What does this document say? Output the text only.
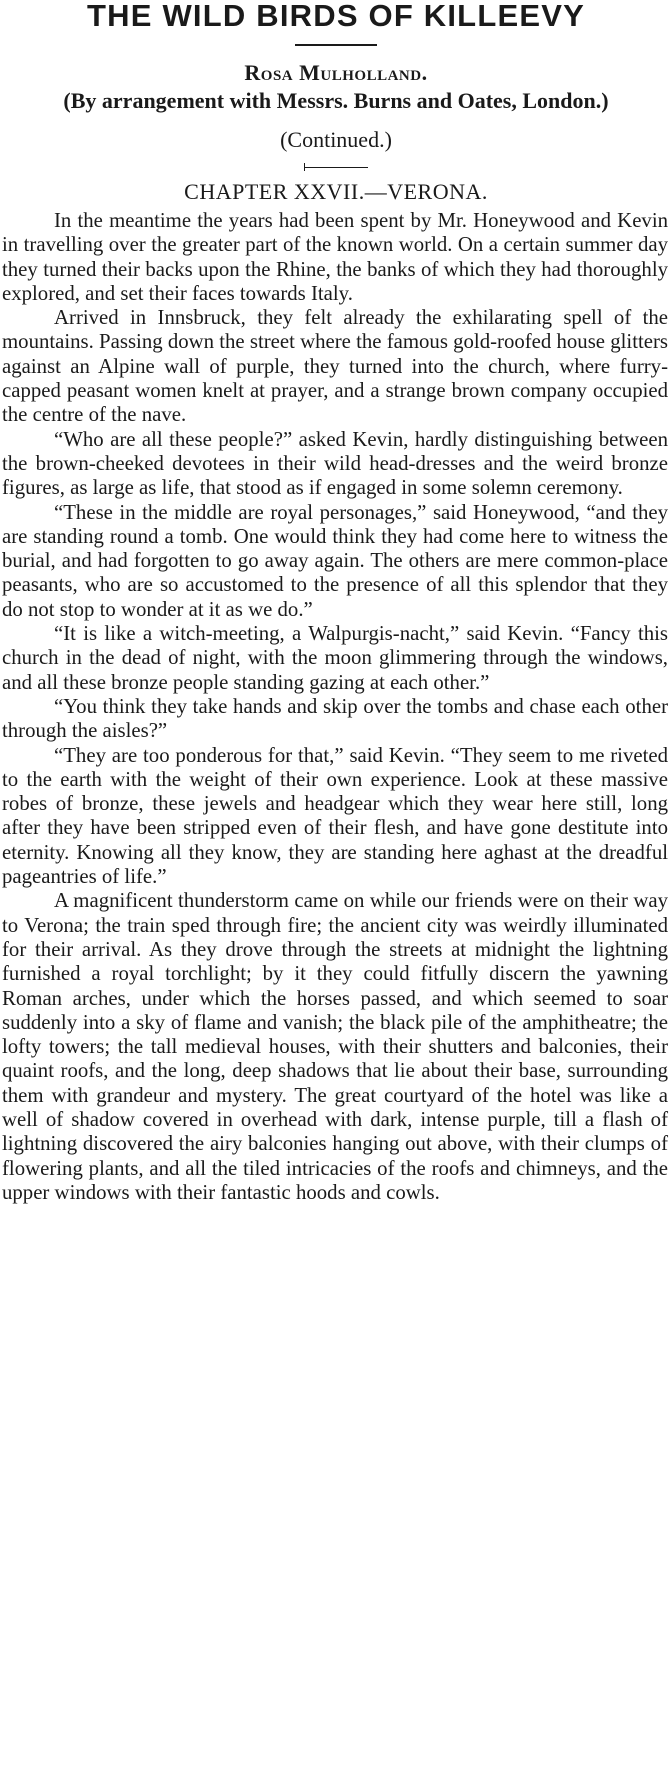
THE WILD BIRDS OF KILLEEVY
Rosa Mulholland.
(By arrangement with Messrs. Burns and Oates, London.)
(Continued.)
CHAPTER XXVII.—VERONA.

In the meantime the years had been spent by Mr. Honeywood and Kevin in travelling over the greater part of the known world. On a certain summer day they turned their backs upon the Rhine, the banks of which they had thoroughly explored, and set their faces towards Italy.

Arrived in Innsbruck, they felt already the exhilarating spell of the mountains. Passing down the street where the famous gold-roofed house glitters against an Alpine wall of purple, they turned into the church, where furry-capped peasant women knelt at prayer, and a strange brown company occupied the centre of the nave.

“Who are all these people?” asked Kevin, hardly distinguishing between the brown-cheeked devotees in their wild head-dresses and the weird bronze figures, as large as life, that stood as if engaged in some solemn ceremony.

“These in the middle are royal personages,” said Honeywood, “and they are standing round a tomb. One would think they had come here to witness the burial, and had forgotten to go away again. The others are mere common-place peasants, who are so accustomed to the presence of all this splendor that they do not stop to wonder at it as we do.”

“It is like a witch-meeting, a Walpurgis-nacht,” said Kevin. “Fancy this church in the dead of night, with the moon glimmering through the windows, and all these bronze people standing gazing at each other.”

“You think they take hands and skip over the tombs and chase each other through the aisles?”

“They are too ponderous for that,” said Kevin. “They seem to me riveted to the earth with the weight of their own experience. Look at these massive robes of bronze, these jewels and headgear which they wear here still, long after they have been stripped even of their flesh, and have gone destitute into eternity. Knowing all they know, they are standing here aghast at the dreadful pageantries of life.”

A magnificent thunderstorm came on while our friends were on their way to Verona; the train sped through fire; the ancient city was weirdly illuminated for their arrival. As they drove through the streets at midnight the lightning furnished a royal torchlight; by it they could fitfully discern the yawning Roman arches, under which the horses passed, and which seemed to soar suddenly into a sky of flame and vanish; the black pile of the amphitheatre; the lofty towers; the tall medieval houses, with their shutters and balconies, their quaint roofs, and the long, deep shadows that lie about their base, surrounding them with grandeur and mystery. The great courtyard of the hotel was like a well of shadow covered in overhead with dark, intense purple, till a flash of lightning discovered the airy balconies hanging out above, with their clumps of flowering plants, and all the tiled intricacies of the roofs and chimneys, and the upper windows with their fantastic hoods and cowls.
